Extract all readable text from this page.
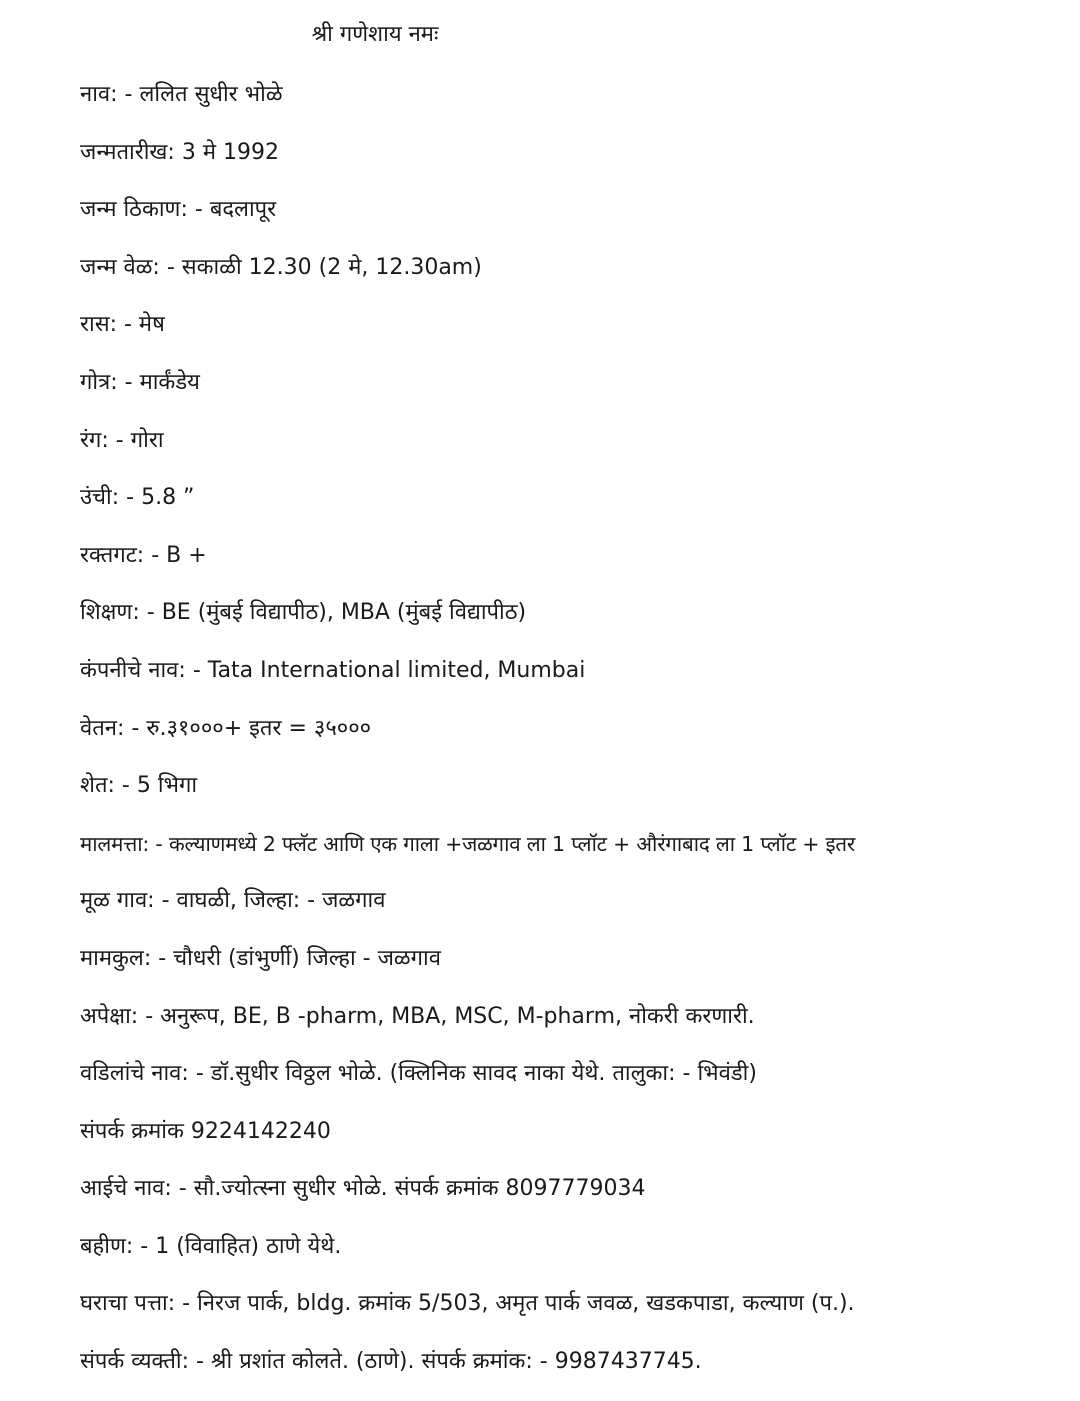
श्री गणेशाय नमः
नाव: - ललित सुधीर भोळे
जन्मतारीख: 3 मे 1992
जन्म ठिकाण: - बदलापूर
जन्म वेळ: - सकाळी 12.30 (2 मे, 12.30am)
रास: - मेष
गोत्र: - मार्कंडेय
रंग: - गोरा
उंची: - 5.8 ”
रक्तगट: - B +
शिक्षण: - BE (मुंबई विद्यापीठ), MBA (मुंबई विद्यापीठ)
कंपनीचे नाव: - Tata International limited, Mumbai
वेतन: - रु.३१०००+ इतर = ३५०००
शेत: - 5 भिगा
मालमत्ता: - कल्याणमध्ये 2 फ्लॅट आणि एक गाला +जळगाव ला 1 प्लॉट + औरंगाबाद ला 1 प्लॉट + इतर
मूळ गाव: - वाघळी, जिल्हा: - जळगाव
मामकुल: - चौधरी (डांभुर्णी) जिल्हा - जळगाव
अपेक्षा: - अनुरूप, BE, B -pharm, MBA, MSC, M-pharm, नोकरी करणारी.
वडिलांचे नाव: - डॉ.सुधीर विठ्ठल भोळे. (क्लिनिक सावद नाका येथे. तालुका: - भिवंडी)
संपर्क क्रमांक 9224142240
आईचे नाव: - सौ.ज्योत्स्ना सुधीर भोळे. संपर्क क्रमांक 8097779034
बहीण: - 1 (विवाहित) ठाणे येथे.
घराचा पत्ता: - निरज पार्क, bldg. क्रमांक 5/503, अमृत पार्क जवळ, खडकपाडा, कल्याण (प.).
संपर्क व्यक्ती: - श्री प्रशांत कोलते. (ठाणे). संपर्क क्रमांक: - 9987437745.
